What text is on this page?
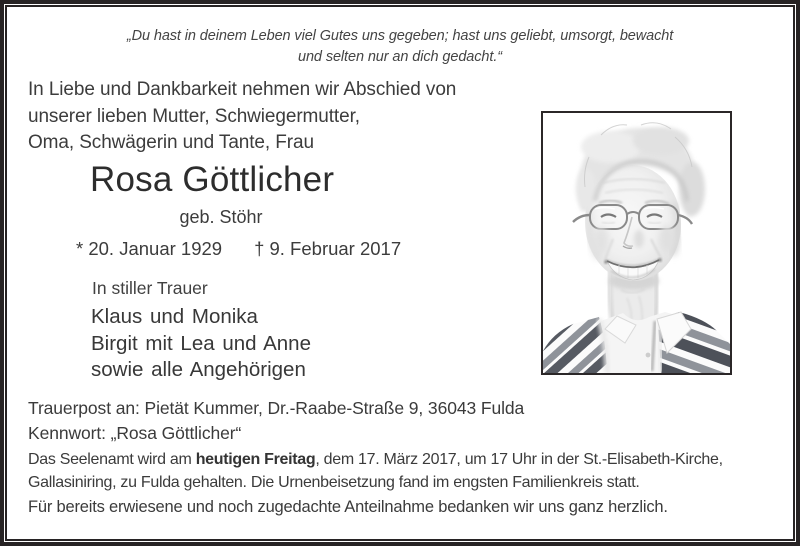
„Du hast in deinem Leben viel Gutes uns gegeben; hast uns geliebt, umsorgt, bewacht
und selten nur an dich gedacht.“
In Liebe und Dankbarkeit nehmen wir Abschied von
unserer lieben Mutter, Schwiegermutter,
Oma, Schwägerin und Tante, Frau
Rosa Göttlicher
geb. Stöhr
* 20. Januar 1929 † 9. Februar 2017
In stiller Trauer
Klaus und Monika
Birgit mit Lea und Anne
sowie alle Angehörigen
Trauerpost an: Pietät Kummer, Dr.-Raabe-Straße 9, 36043 Fulda
Kennwort: „Rosa Göttlicher“
Das Seelenamt wird am heutigen Freitag, dem 17. März 2017, um 17 Uhr in der St.-Elisabeth-Kirche, Gallasiniring, zu Fulda gehalten. Die Urnenbeisetzung fand im engsten Familienkreis statt.
Für bereits erwiesene und noch zugedachte Anteilnahme bedanken wir uns ganz herzlich.
